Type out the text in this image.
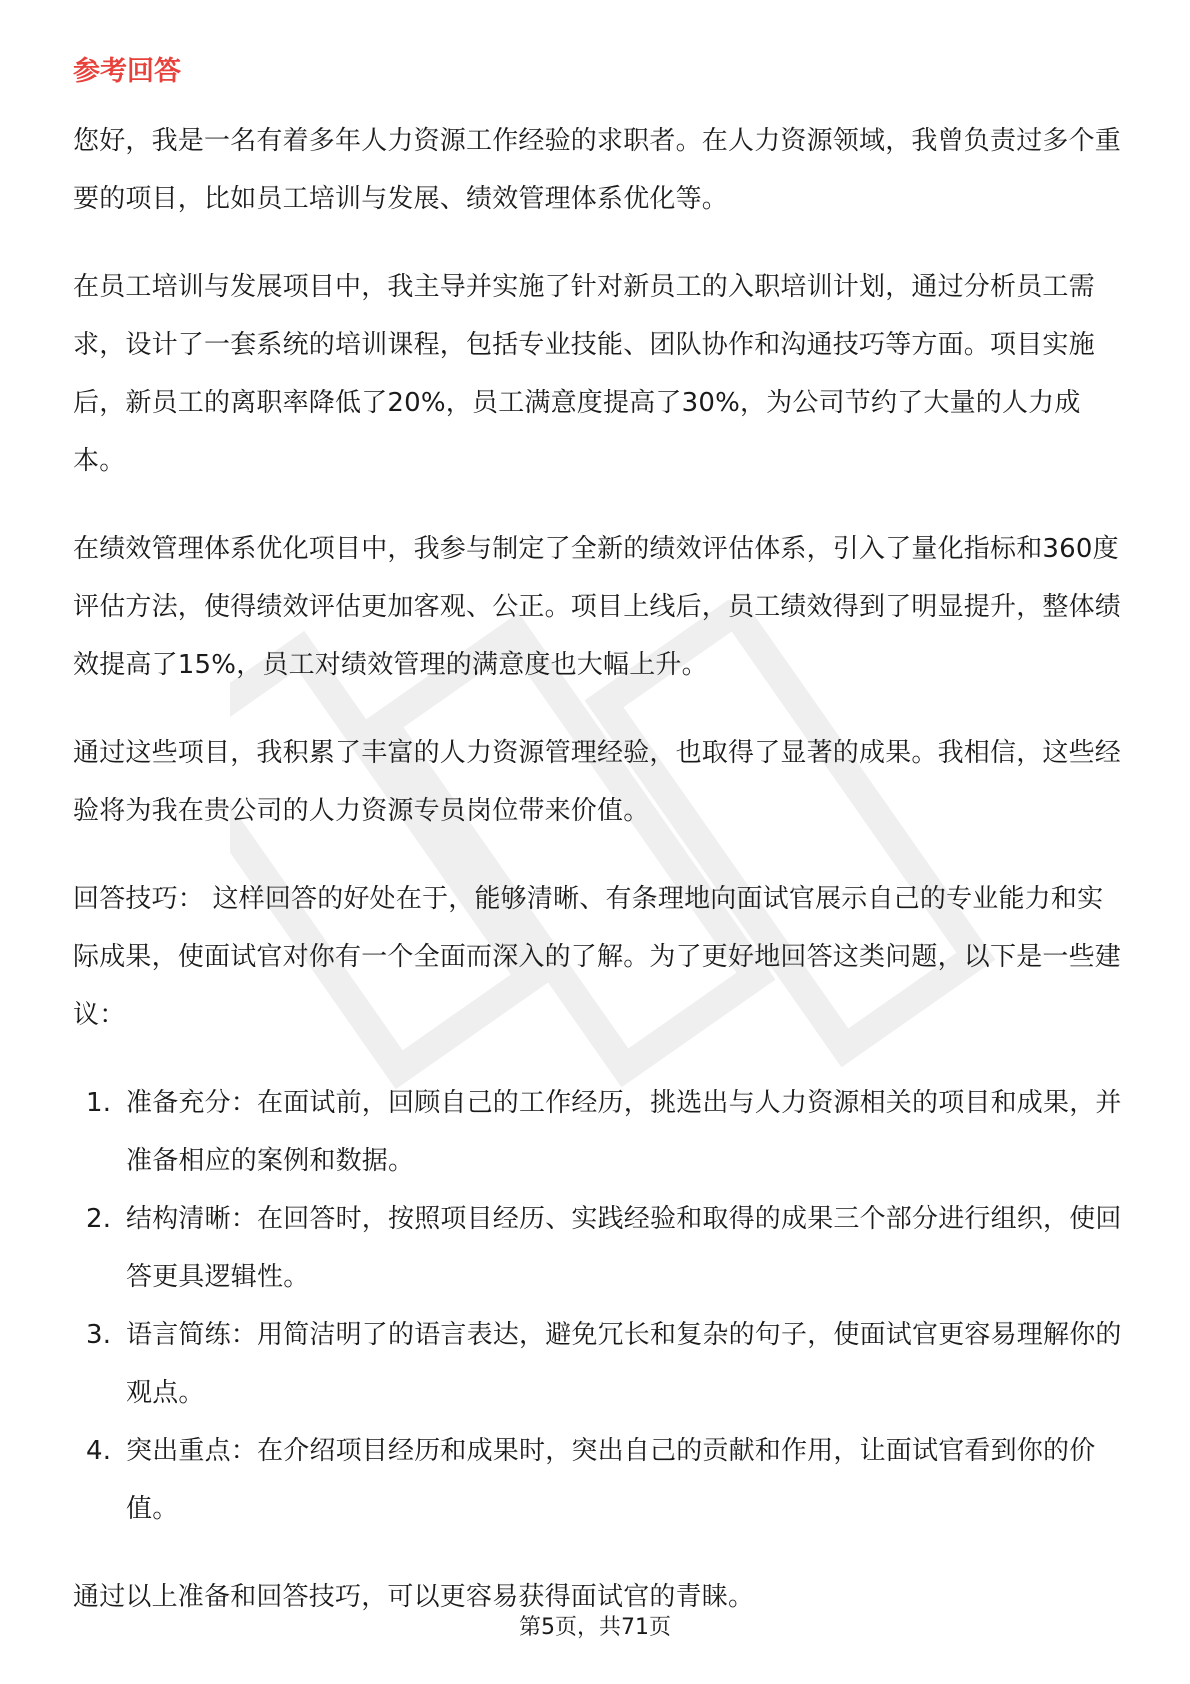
参考回答

您好，我是一名有着多年人力资源工作经验的求职者。在人力资源领域，我曾负责过多个重要的项目，比如员工培训与发展、绩效管理体系优化等。

在员工培训与发展项目中，我主导并实施了针对新员工的入职培训计划，通过分析员工需求，设计了一套系统的培训课程，包括专业技能、团队协作和沟通技巧等方面。项目实施后，新员工的离职率降低了20%，员工满意度提高了30%，为公司节约了大量的人力成本。

在绩效管理体系优化项目中，我参与制定了全新的绩效评估体系，引入了量化指标和360度评估方法，使得绩效评估更加客观、公正。项目上线后，员工绩效得到了明显提升，整体绩效提高了15%，员工对绩效管理的满意度也大幅上升。

通过这些项目，我积累了丰富的人力资源管理经验，也取得了显著的成果。我相信，这些经验将为我在贵公司的人力资源专员岗位带来价值。

回答技巧： 这样回答的好处在于，能够清晰、有条理地向面试官展示自己的专业能力和实际成果，使面试官对你有一个全面而深入的了解。为了更好地回答这类问题，以下是一些建议：

1. 准备充分：在面试前，回顾自己的工作经历，挑选出与人力资源相关的项目和成果，并准备相应的案例和数据。
2. 结构清晰：在回答时，按照项目经历、实践经验和取得的成果三个部分进行组织，使回答更具逻辑性。
3. 语言简练：用简洁明了的语言表达，避免冗长和复杂的句子，使面试官更容易理解你的观点。
4. 突出重点：在介绍项目经历和成果时，突出自己的贡献和作用，让面试官看到你的价值。

通过以上准备和回答技巧，可以更容易获得面试官的青睐。

第5页，共71页
